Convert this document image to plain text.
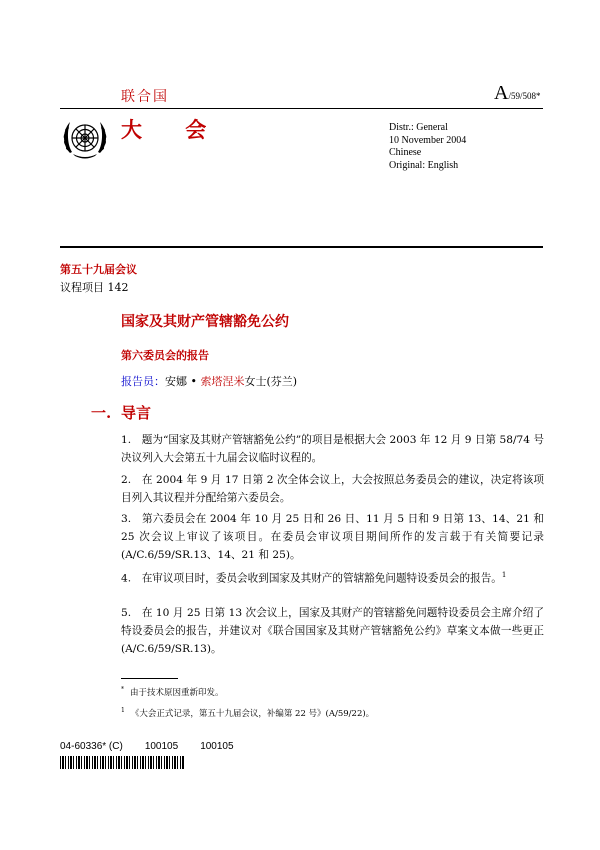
联合国	A/59/508*
大 会	Distr.: General
10 November 2004
Chinese
Original: English
第五十九届会议
议程项目 142
国家及其财产管辖豁免公约
第六委员会的报告
报告员：安娜 • 索塔涅米女士(芬兰)
一. 导言

1.　题为“国家及其财产管辖豁免公约”的项目是根据大会 2003 年 12 月 9 日第 58/74 号决议列入大会第五十九届会议临时议程的。

2.　在 2004 年 9 月 17 日第 2 次全体会议上，大会按照总务委员会的建议，决定将该项目列入其议程并分配给第六委员会。

3.　第六委员会在 2004 年 10 月 25 日和 26 日、11 月 5 日和 9 日第 13、14、21 和 25 次会议上审议了该项目。在委员会审议项目期间所作的发言载于有关简要记录(A/C.6/59/SR.13、14、21 和 25)。

4.　在审议项目时，委员会收到国家及其财产的管辖豁免问题特设委员会的报告。$^1$

5.　在 10 月 25 日第 13 次会议上，国家及其财产的管辖豁免问题特设委员会主席介绍了特设委员会的报告，并建议对《联合国国家及其财产管辖豁免公约》草案文本做一些更正(A/C.6/59/SR.13)。

* 由于技术原因重新印发。
$^1$ 《大会正式记录，第五十九届会议，补编第 22 号》(A/59/22)。
04-60336* (C) 100105 100105
